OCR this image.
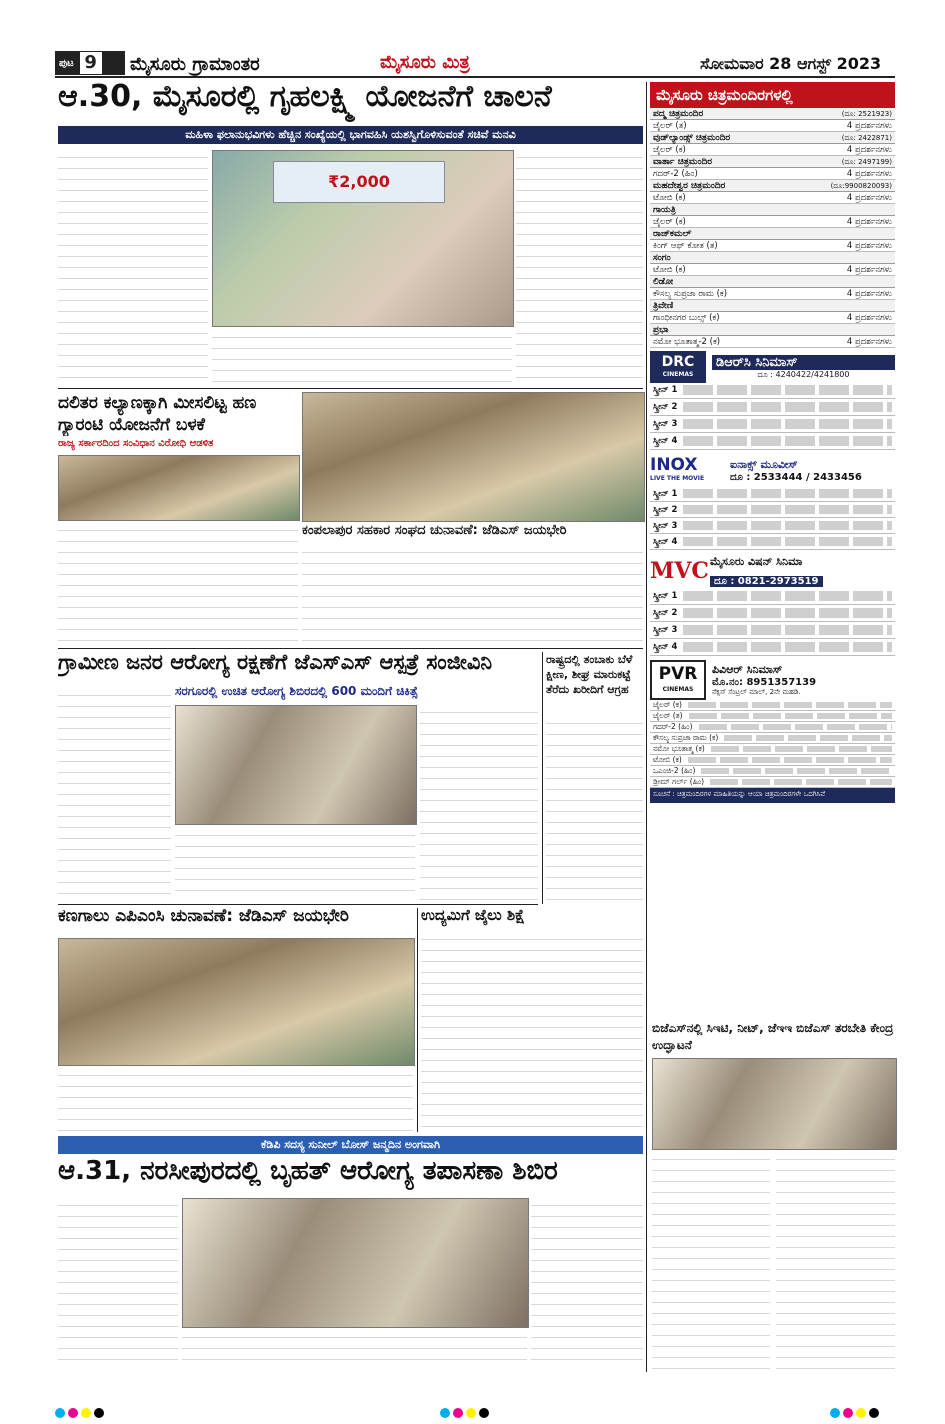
ಪುಟ 9 ಮೈಸೂರು ಗ್ರಾಮಾಂತರ	ಮೈಸೂರು ಮಿತ್ರ	ಸೋಮವಾರ 28 ಆಗಸ್ಟ್ 2023
ಆ.30, ಮೈಸೂರಲ್ಲಿ ಗೃಹಲಕ್ಷ್ಮಿ ಯೋಜನೆಗೆ ಚಾಲನೆ
ಮಹಿಳಾ ಫಲಾನುಭವಿಗಳು ಹೆಚ್ಚಿನ ಸಂಖ್ಯೆಯಲ್ಲಿ ಭಾಗವಹಿಸಿ ಯಶಸ್ವಿಗೊಳಿಸುವಂತೆ ಸಚಿವೆ ಮನವಿ
₹2,000
ದಲಿತರ ಕಲ್ಯಾಣಕ್ಕಾಗಿ ಮೀಸಲಿಟ್ಟ ಹಣ ಗ್ಯಾರಂಟಿ ಯೋಜನೆಗೆ ಬಳಕೆ
ರಾಜ್ಯ ಸರ್ಕಾರದಿಂದ ಸಂವಿಧಾನ ವಿರೋಧಿ ಆಡಳಿತ
ಕಂಪಲಾಪುರ ಸಹಕಾರ ಸಂಘದ ಚುನಾವಣೆ: ಜೆಡಿಎಸ್ ಜಯಭೇರಿ
ಗ್ರಾಮೀಣ ಜನರ ಆರೋಗ್ಯ ರಕ್ಷಣೆಗೆ ಜೆಎಸ್‌ಎಸ್ ಆಸ್ಪತ್ರೆ ಸಂಜೀವಿನಿ
ಸರಗೂರಲ್ಲಿ ಉಚಿತ ಆರೋಗ್ಯ ಶಿಬಿರದಲ್ಲಿ 600 ಮಂದಿಗೆ ಚಿಕಿತ್ಸೆ
ರಾಷ್ಟ್ರದಲ್ಲಿ ತಂಬಾಕು ಬೆಳೆ ಕ್ಷೀಣ, ಶೀಘ್ರ ಮಾರುಕಟ್ಟೆ ತೆರೆದು ಖರೀದಿಗೆ ಆಗ್ರಹ
ಕಣಗಾಲು ಎಪಿಎಂಸಿ ಚುನಾವಣೆ: ಜೆಡಿಎಸ್ ಜಯಭೇರಿ	ಉದ್ಯಮಿಗೆ ಜೈಲು ಶಿಕ್ಷೆ
ಕೆಡಿಪಿ ಸದಸ್ಯ ಸುನೀಲ್ ಬೋಸ್ ಜನ್ಮದಿನ ಅಂಗವಾಗಿ
ಆ.31, ನರಸೀಪುರದಲ್ಲಿ ಬೃಹತ್ ಆರೋಗ್ಯ ತಪಾಸಣಾ ಶಿಬಿರ
ಮೈಸೂರು ಚಿತ್ರಮಂದಿರಗಳಲ್ಲಿ
ಪದ್ಮ ಚಿತ್ರಮಂದಿರ	(ದೂ: 2521923)
ಜೈಲರ್ (ತ)	4 ಪ್ರದರ್ಶನಗಳು
ವುಡ್‌ಲ್ಯಾಂಡ್ಸ್ ಚಿತ್ರಮಂದಿರ	(ದೂ: 2422871)
ಜೈಲರ್ (ಕ)	4 ಪ್ರದರ್ಶನಗಳು
ವಾರ್ತಾ ಚಿತ್ರಮಂದಿರ	(ದೂ: 2497199)
ಗದರ್-2 (ಹಿಂ)	4 ಪ್ರದರ್ಶನಗಳು
ಮಹದೇಶ್ವರ ಚಿತ್ರಮಂದಿರ	(ದೂ:9900820093)
ಟೋಬಿ (ಕ)	4 ಪ್ರದರ್ಶನಗಳು
ಗಾಯತ್ರಿ
ಜೈಲರ್ (ಕ)	4 ಪ್ರದರ್ಶನಗಳು
ರಾಜ್‌ಕಮಲ್
ಕಿಂಗ್ ಆಫ್ ಕೋತ (ತ)	4 ಪ್ರದರ್ಶನಗಳು
ಸಂಗಂ
ಟೋಬಿ (ಕ)	4 ಪ್ರದರ್ಶನಗಳು
ಲಿಡೋ
ಕೌಸಲ್ಯ ಸುಪ್ರಜಾ ರಾಮ (ಕ)	4 ಪ್ರದರ್ಶನಗಳು
ತ್ರಿವೇಣಿ
ಗಾಂಧೀನಗರ ಬುಲ್ಸ್ (ಕ)	4 ಪ್ರದರ್ಶನಗಳು
ಪ್ರಭಾ
ನಮೋ ಭೂತಾತ್ಮ-2 (ಕ)	4 ಪ್ರದರ್ಶನಗಳು
DRC
CINEMAS
ಡಿಆರ್‌ಸಿ ಸಿನಿಮಾಸ್
ದೂ : 4240422/4241800
ಸ್ಕ್ರೀನ್ 1
ಸ್ಕ್ರೀನ್ 2
ಸ್ಕ್ರೀನ್ 3
ಸ್ಕ್ರೀನ್ 4
INOX
LIVE THE MOVIE
ಐನಾಕ್ಸ್ ಮೂವೀಸ್
ದೂ : 2533444 / 2433456
ಸ್ಕ್ರೀನ್ 1
ಸ್ಕ್ರೀನ್ 2
ಸ್ಕ್ರೀನ್ 3
ಸ್ಕ್ರೀನ್ 4
MVC ಮೈಸೂರು ವಿಷನ್ ಸಿನಿಮಾ
ದೂ : 0821-2973519
ಸ್ಕ್ರೀನ್ 1
ಸ್ಕ್ರೀನ್ 2
ಸ್ಕ್ರೀನ್ 3
ಸ್ಕ್ರೀನ್ 4
PVR
CINEMAS
ಪಿವಿಆರ್ ಸಿನಿಮಾಸ್
ಮೊ.ನಂ: 8951357139
ನೆಕ್ಸಸ್ ಸೆಂಟ್ರಲ್ ಮಾಲ್, 2ನೇ ಮಹಡಿ.
ಜೈಲರ್ (ಕ)
ಜೈಲರ್ (ತ)
ಗದರ್-2 (ಹಿಂ)
ಕೌಸಲ್ಯ ಸುಪ್ರಜಾ ರಾಮ (ಕ)
ನಮೋ ಭೂತಾತ್ಮ (ಕ)
ಟೋಬಿ (ಕ)
ಒಎಂಜಿ-2 (ಹಿಂ)
ಡ್ರೀಮ್ ಗರ್ಲ್ (ಹಿಂ)
ಸೂಚನೆ : ಚಿತ್ರಮಂದಿರಗಳ ಮಾಹಿತಿಯನ್ನು ಆಯಾ ಚಿತ್ರಮಂದಿರಗಳೇ ಒದಗಿಸಿವೆ
ಬಿಜೆಎಸ್‌ನಲ್ಲಿ ಸಿಇಟಿ, ನೀಟ್, ಜೆಇಇ ಬಿಜೆಎಸ್ ತರಬೇತಿ ಕೇಂದ್ರ ಉದ್ಘಾಟನೆ
